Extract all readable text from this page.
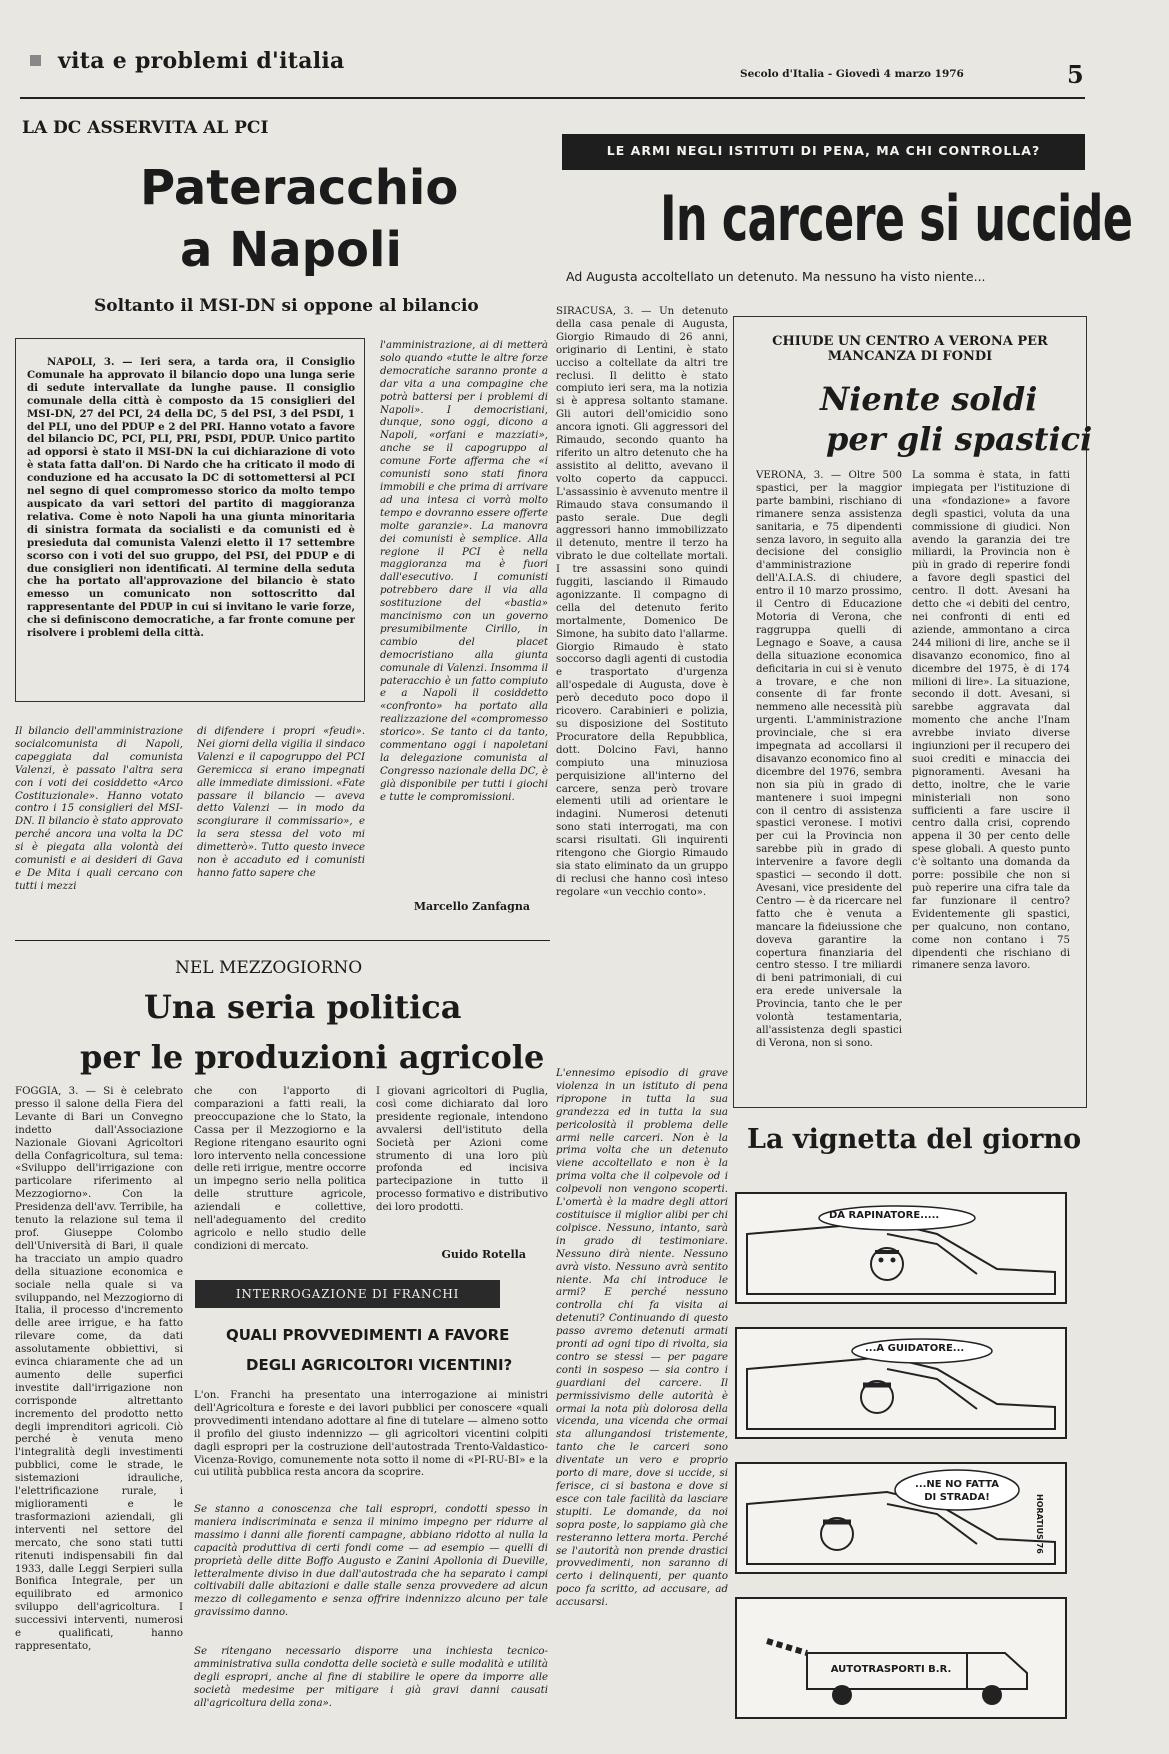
vita e problemi d'italia	Secolo d'Italia - Giovedì 4 marzo 1976	5
LA DC ASSERVITA AL PCI
Pateracchio
a Napoli
Soltanto il MSI-DN si oppone al bilancio
NAPOLI, 3. — Ieri sera, a tarda ora, il Consiglio Comunale ha approvato il bilancio dopo una lunga serie di sedute intervallate da lunghe pause. Il consiglio comunale della città è composto da 15 consiglieri del MSI-DN, 27 del PCI, 24 della DC, 5 del PSI, 3 del PSDI, 1 del PLI, uno del PDUP e 2 del PRI. Hanno votato a favore del bilancio DC, PCI, PLI, PRI, PSDI, PDUP. Unico partito ad opporsi è stato il MSI-DN la cui dichiarazione di voto è stata fatta dall'on. Di Nardo che ha criticato il modo di conduzione ed ha accusato la DC di sottomettersi al PCI nel segno di quel compromesso storico da molto tempo auspicato da vari settori del partito di maggioranza relativa. Come è noto Napoli ha una giunta minoritaria di sinistra formata da socialisti e da comunisti ed è presieduta dal comunista Valenzi eletto il 17 settembre scorso con i voti del suo gruppo, del PSI, del PDUP e di due consiglieri non identificati. Al termine della seduta che ha portato all'approvazione del bilancio è stato emesso un comunicato non sottoscritto dal rappresentante del PDUP in cui si invitano le varie forze, che si definiscono democratiche, a far fronte comune per risolvere i problemi della città.
l'amministrazione, ai di metterà solo quando «tutte le altre forze democratiche saranno pronte a dar vita a una compagine che potrà battersi per i problemi di Napoli». I democristiani, dunque, sono oggi, dicono a Napoli, «orfani e mazziati», anche se il capogruppo al comune Forte afferma che «i comunisti sono stati finora immobili e che prima di arrivare ad una intesa ci vorrà molto tempo e dovranno essere offerte molte garanzie». La manovra dei comunisti è semplice. Alla regione il PCI è nella maggioranza ma è fuori dall'esecutivo. I comunisti potrebbero dare il via alla sostituzione del «bastia» mancinismo con un governo presumibilmente Cirillo, in cambio del placet democristiano alla giunta comunale di Valenzi. Insomma il pateracchio è un fatto compiuto e a Napoli il cosiddetto «confronto» ha portato alla realizzazione del «compromesso storico». Se tanto ci da tanto, commentano oggi i napoletani la delegazione comunista al Congresso nazionale della DC, è già disponibile per tutti i giochi e tutte le compromissioni.
Il bilancio dell'amministrazione socialcomunista di Napoli, capeggiata dal comunista Valenzi, è passato l'altra sera con i voti dei cosiddetto «Arco Costituzionale». Hanno votato contro i 15 consiglieri del MSI-DN. Il bilancio è stato approvato perché ancora una volta la DC si è piegata alla volontà dei comunisti e ai desideri di Gava e De Mita i quali cercano con tutti i mezzi
di difendere i propri «feudi». Nei giorni della vigilia il sindaco Valenzi e il capogruppo del PCI Geremicca si erano impegnati alle immediate dimissioni. «Fate passare il bilancio — aveva detto Valenzi — in modo da scongiurare il commissario», e la sera stessa del voto mi dimetterò». Tutto questo invece non è accaduto ed i comunisti hanno fatto sapere che
Marcello Zanfagna
NEL MEZZOGIORNO
Una seria politica
per le produzioni agricole
FOGGIA, 3. — Si è celebrato presso il salone della Fiera del Levante di Bari un Convegno indetto dall'Associazione Nazionale Giovani Agricoltori della Confagricoltura, sul tema: «Sviluppo dell'irrigazione con particolare riferimento al Mezzogiorno». Con la Presidenza dell'avv. Terribile, ha tenuto la relazione sul tema il prof. Giuseppe Colombo dell'Università di Bari, il quale ha tracciato un ampio quadro della situazione economica e sociale nella quale si va sviluppando, nel Mezzogiorno di Italia, il processo d'incremento delle aree irrigue, e ha fatto rilevare come, da dati assolutamente obbiettivi, si evinca chiaramente che ad un aumento delle superfici investite dall'irrigazione non corrisponde altrettanto incremento del prodotto netto degli imprenditori agricoli. Ciò perché è venuta meno l'integralità degli investimenti pubblici, come le strade, le sistemazioni idrauliche, l'elettrificazione rurale, i miglioramenti e le trasformazioni aziendali, gli interventi nel settore del mercato, che sono stati tutti ritenuti indispensabili fin dal 1933, dalle Leggi Serpieri sulla Bonifica Integrale, per un equilibrato ed armonico sviluppo dell'agricoltura. I successivi interventi, numerosi e qualificati, hanno rappresentato,
che con l'apporto di comparazioni a fatti reali, la preoccupazione che lo Stato, la Cassa per il Mezzogiorno e la Regione ritengano esaurito ogni loro intervento nella concessione delle reti irrigue, mentre occorre un impegno serio nella politica delle strutture agricole, aziendali e collettive, nell'adeguamento del credito agricolo e nello studio delle condizioni di mercato.
I giovani agricoltori di Puglia, così come dichiarato dal loro presidente regionale, intendono avvalersi dell'istituto della Società per Azioni come strumento di una loro più profonda ed incisiva partecipazione in tutto il processo formativo e distributivo dei loro prodotti.
Guido Rotella
INTERROGAZIONE DI FRANCHI
QUALI PROVVEDIMENTI A FAVORE
DEGLI AGRICOLTORI VICENTINI?
L'on. Franchi ha presentato una interrogazione ai ministri dell'Agricoltura e foreste e dei lavori pubblici per conoscere «quali provvedimenti intendano adottare al fine di tutelare — almeno sotto il profilo del giusto indennizzo — gli agricoltori vicentini colpiti dagli espropri per la costruzione dell'autostrada Trento-Valdastico-Vicenza-Rovigo, comunemente nota sotto il nome di «PI-RU-BI» e la cui utilità pubblica resta ancora da scoprire.
Se stanno a conoscenza che tali espropri, condotti spesso in maniera indiscriminata e senza il minimo impegno per ridurre al massimo i danni alle fiorenti campagne, abbiano ridotto al nulla la capacità produttiva di certi fondi come — ad esempio — quelli di proprietà delle ditte Boffo Augusto e Zanini Apollonia di Dueville, letteralmente diviso in due dall'autostrada che ha separato i campi coltivabili dalle abitazioni e dalle stalle senza provvedere ad alcun mezzo di collegamento e senza offrire indennizzo alcuno per tale gravissimo danno.
Se ritengano necessario disporre una inchiesta tecnico-amministrativa sulla condotta delle società e sulle modalità e utilità degli espropri, anche al fine di stabilire le opere da imporre alle società medesime per mitigare i già gravi danni causati all'agricoltura della zona».
LE ARMI NEGLI ISTITUTI DI PENA, MA CHI CONTROLLA?
In carcere si uccide
Ad Augusta accoltellato un detenuto. Ma nessuno ha visto niente...
SIRACUSA, 3. — Un detenuto della casa penale di Augusta, Giorgio Rimaudo di 26 anni, originario di Lentini, è stato ucciso a coltellate da altri tre reclusi. Il delitto è stato compiuto ieri sera, ma la notizia si è appresa soltanto stamane. Gli autori dell'omicidio sono ancora ignoti. Gli aggressori del Rimaudo, secondo quanto ha riferito un altro detenuto che ha assistito al delitto, avevano il volto coperto da cappucci. L'assassinio è avvenuto mentre il Rimaudo stava consumando il pasto serale. Due degli aggressori hanno immobilizzato il detenuto, mentre il terzo ha vibrato le due coltellate mortali. I tre assassini sono quindi fuggiti, lasciando il Rimaudo agonizzante. Il compagno di cella del detenuto ferito mortalmente, Domenico De Simone, ha subito dato l'allarme. Giorgio Rimaudo è stato soccorso dagli agenti di custodia e trasportato d'urgenza all'ospedale di Augusta, dove è però deceduto poco dopo il ricovero. Carabinieri e polizia, su disposizione del Sostituto Procuratore della Repubblica, dott. Dolcino Favi, hanno compiuto una minuziosa perquisizione all'interno del carcere, senza però trovare elementi utili ad orientare le indagini. Numerosi detenuti sono stati interrogati, ma con scarsi risultati. Gli inquirenti ritengono che Giorgio Rimaudo sia stato eliminato da un gruppo di reclusi che hanno così inteso regolare «un vecchio conto».
L'ennesimo episodio di grave violenza in un istituto di pena ripropone in tutta la sua grandezza ed in tutta la sua pericolosità il problema delle armi nelle carceri. Non è la prima volta che un detenuto viene accoltellato e non è la prima volta che il colpevole od i colpevoli non vengono scoperti. L'omertà è la madre degli attori costituisce il miglior alibi per chi colpisce. Nessuno, intanto, sarà in grado di testimoniare. Nessuno dirà niente. Nessuno avrà visto. Nessuno avrà sentito niente. Ma chi introduce le armi? E perché nessuno controlla chi fa visita ai detenuti? Continuando di questo passo avremo detenuti armati pronti ad ogni tipo di rivolta, sia contro se stessi — per pagare conti in sospeso — sia contro i guardiani del carcere. Il permissivismo delle autorità è ormai la nota più dolorosa della vicenda, una vicenda che ormai sta allungandosi tristemente, tanto che le carceri sono diventate un vero e proprio porto di mare, dove si uccide, si ferisce, ci si bastona e dove si esce con tale facilità da lasciare stupiti. Le domande, da noi sopra poste, lo sappiamo già che resteranno lettera morta. Perché se l'autorità non prende drastici provvedimenti, non saranno di certo i delinquenti, per quanto poco fa scritto, ad accusare, ad accusarsi.
CHIUDE UN CENTRO A VERONA PER MANCANZA DI FONDI
Niente soldi
per gli spastici
VERONA, 3. — Oltre 500 spastici, per la maggior parte bambini, rischiano di rimanere senza assistenza sanitaria, e 75 dipendenti senza lavoro, in seguito alla decisione del consiglio d'amministrazione dell'A.I.A.S. di chiudere, entro il 10 marzo prossimo, il Centro di Educazione Motoria di Verona, che raggruppa quelli di Legnago e Soave, a causa della situazione economica deficitaria in cui si è venuto a trovare, e che non consente di far fronte nemmeno alle necessità più urgenti. L'amministrazione provinciale, che si era impegnata ad accollarsi il disavanzo economico fino al dicembre del 1976, sembra non sia più in grado di mantenere i suoi impegni con il centro di assistenza spastici veronese. I motivi per cui la Provincia non sarebbe più in grado di intervenire a favore degli spastici — secondo il dott. Avesani, vice presidente del Centro — è da ricercare nel fatto che è venuta a mancare la fideiussione che doveva garantire la copertura finanziaria del centro stesso. I tre miliardi di beni patrimoniali, di cui era erede universale la Provincia, tanto che le per volontà testamentaria, all'assistenza degli spastici di Verona, non si sono.
La somma è stata, in fatti impiegata per l'istituzione di una «fondazione» a favore degli spastici, voluta da una commissione di giudici. Non avendo la garanzia dei tre miliardi, la Provincia non è più in grado di reperire fondi a favore degli spastici del centro. Il dott. Avesani ha detto che «i debiti del centro, nei confronti di enti ed aziende, ammontano a circa 244 milioni di lire, anche se il disavanzo economico, fino al dicembre del 1975, è di 174 milioni di lire». La situazione, secondo il dott. Avesani, si sarebbe aggravata dal momento che anche l'Inam avrebbe inviato diverse ingiunzioni per il recupero dei suoi crediti e minaccia dei pignoramenti. Avesani ha detto, inoltre, che le varie ministeriali non sono sufficienti a fare uscire il centro dalla crisi, coprendo appena il 30 per cento delle spese globali. A questo punto c'è soltanto una domanda da porre: possibile che non si può reperire una cifra tale da far funzionare il centro? Evidentemente gli spastici, per qualcuno, non contano, come non contano i 75 dipendenti che rischiano di rimanere senza lavoro.
La vignetta del giorno
DA RAPINATORE.....
...A GUIDATORE...
...NE NO FATTA DI STRADA!	HORATIUS 76
AUTOTRASPORTI B.R.
